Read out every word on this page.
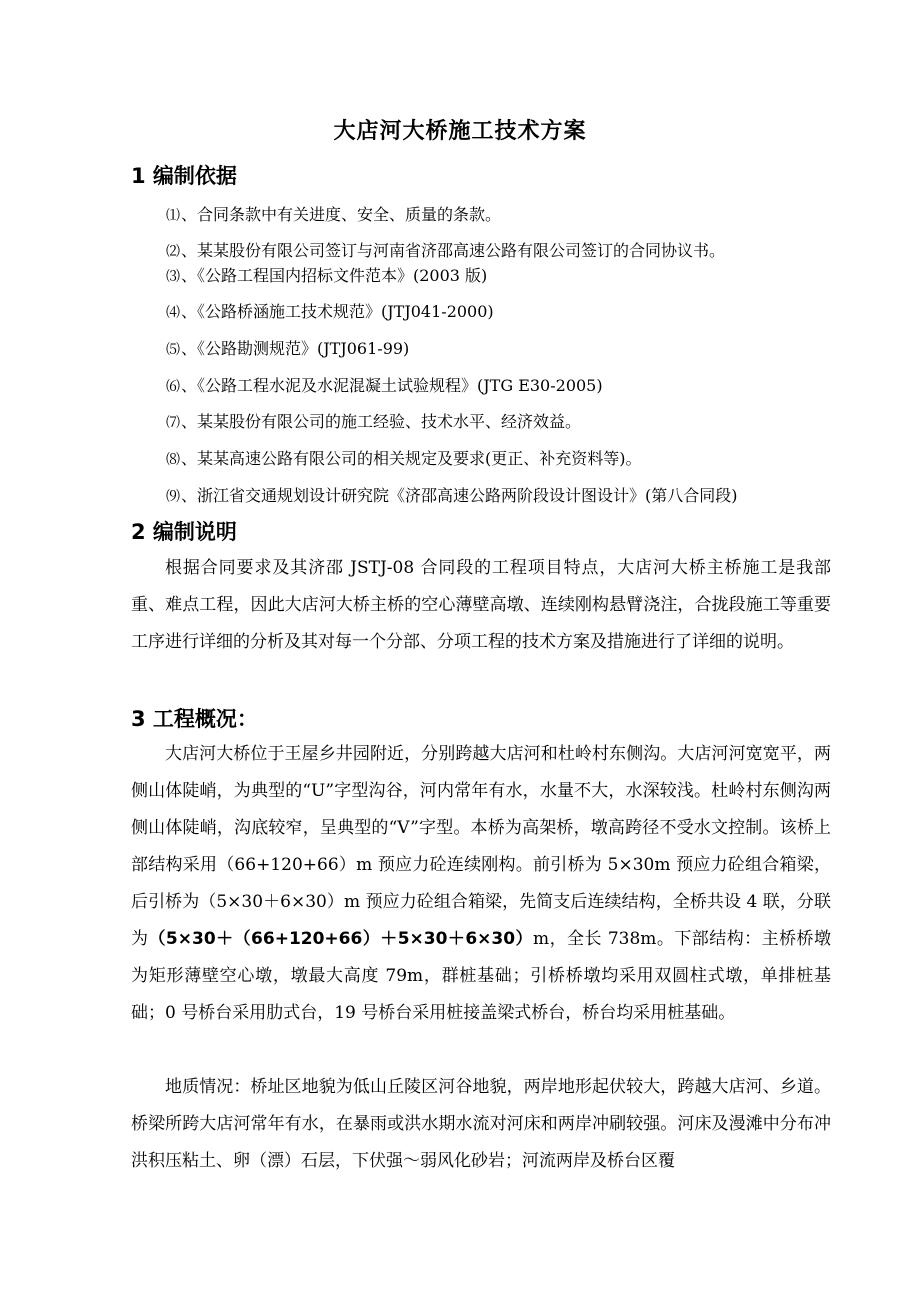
大店河大桥施工技术方案
1 编制依据
⑴、合同条款中有关进度、安全、质量的条款。
⑵、某某股份有限公司签订与河南省济邵高速公路有限公司签订的合同协议书。
⑶、《公路工程国内招标文件范本》(2003 版)
⑷、《公路桥涵施工技术规范》(JTJ041-2000)
⑸、《公路勘测规范》(JTJ061-99)
⑹、《公路工程水泥及水泥混凝土试验规程》(JTG E30-2005)
⑺、某某股份有限公司的施工经验、技术水平、经济效益。
⑻、某某高速公路有限公司的相关规定及要求(更正、补充资料等)。
⑼、浙江省交通规划设计研究院《济邵高速公路两阶段设计图设计》(第八合同段)
2 编制说明

根据合同要求及其济邵 JSTJ-08 合同段的工程项目特点，大店河大桥主桥施工是我部重、难点工程，因此大店河大桥主桥的空心薄壁高墩、连续刚构悬臂浇注，合拢段施工等重要工序进行详细的分析及其对每一个分部、分项工程的技术方案及措施进行了详细的说明。

3 工程概况：

大店河大桥位于王屋乡井园附近，分别跨越大店河和杜岭村东侧沟。大店河河宽宽平，两侧山体陡峭，为典型的“U”字型沟谷，河内常年有水，水量不大，水深较浅。杜岭村东侧沟两侧山体陡峭，沟底较窄，呈典型的“V”字型。本桥为高架桥，墩高跨径不受水文控制。该桥上部结构采用（66+120+66）m 预应力砼连续刚构。前引桥为 5×30m 预应力砼组合箱梁，后引桥为（5×30＋6×30）m 预应力砼组合箱梁，先简支后连续结构，全桥共设 4 联，分联为（5×30＋（66+120+66）＋5×30＋6×30）m，全长 738m。下部结构：主桥桥墩为矩形薄壁空心墩，墩最大高度 79m，群桩基础；引桥桥墩均采用双圆柱式墩，单排桩基础；0 号桥台采用肋式台，19 号桥台采用桩接盖梁式桥台，桥台均采用桩基础。

地质情况：桥址区地貌为低山丘陵区河谷地貌，两岸地形起伏较大，跨越大店河、乡道。桥梁所跨大店河常年有水，在暴雨或洪水期水流对河床和两岸冲刷较强。河床及漫滩中分布冲洪积压粘土、卵（漂）石层，下伏强～弱风化砂岩；河流两岸及桥台区覆
